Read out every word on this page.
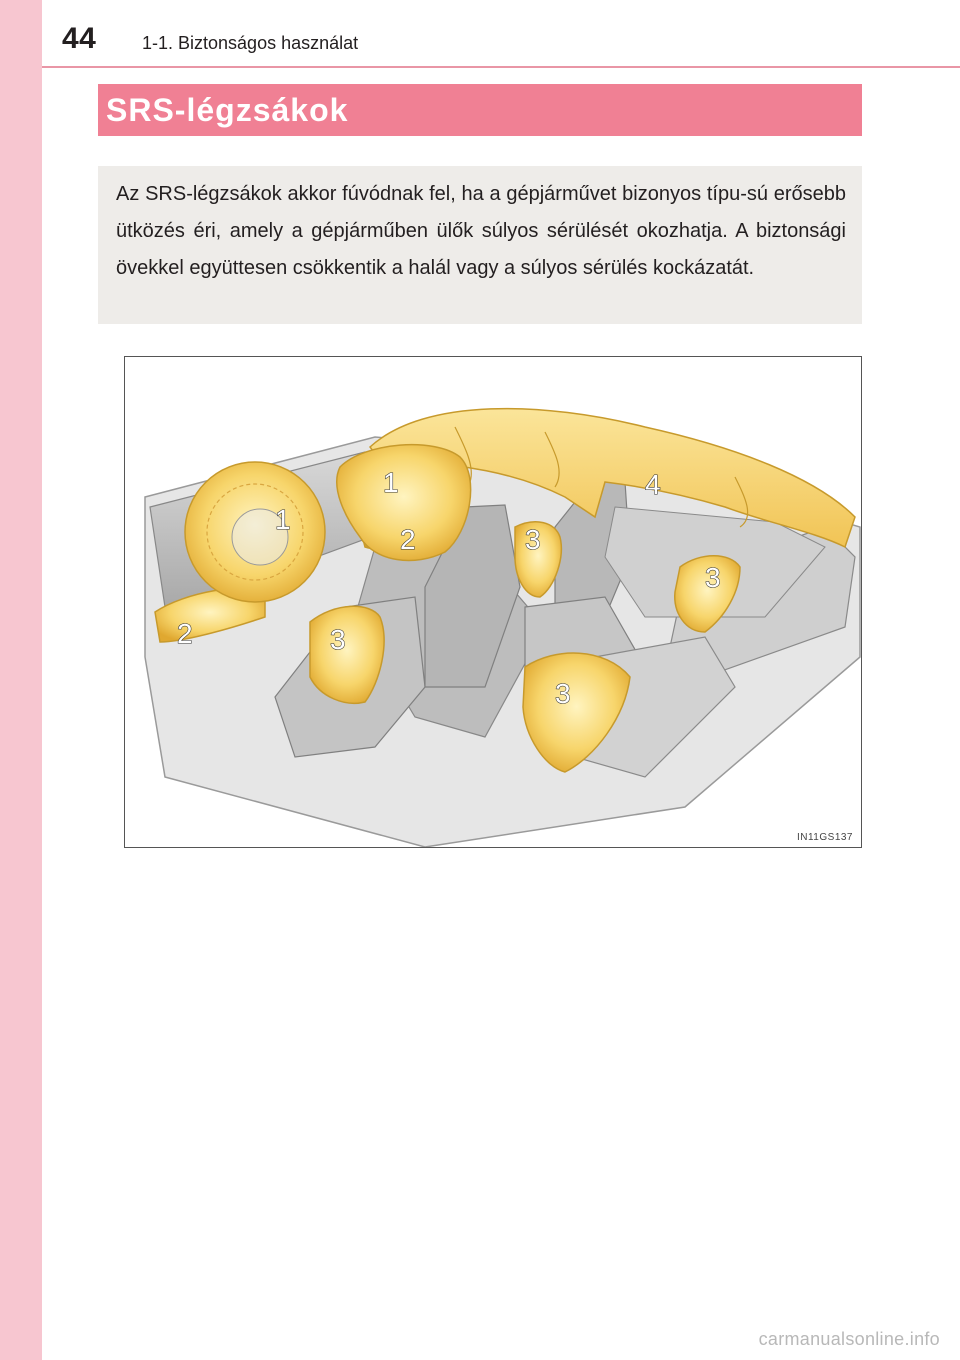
44	1-1. Biztonságos használat
SRS-légzsákok
Az SRS-légzsákok akkor fúvódnak fel, ha a gépjárművet bizonyos típu-sú erősebb ütközés éri, amely a gépjárműben ülők súlyos sérülését okozhatja. A biztonsági övekkel együttesen csökkentik a halál vagy a súlyos sérülés kockázatát.
1
1
2
2
3
3
3
3
4
IN11GS137
carmanualsonline.info
